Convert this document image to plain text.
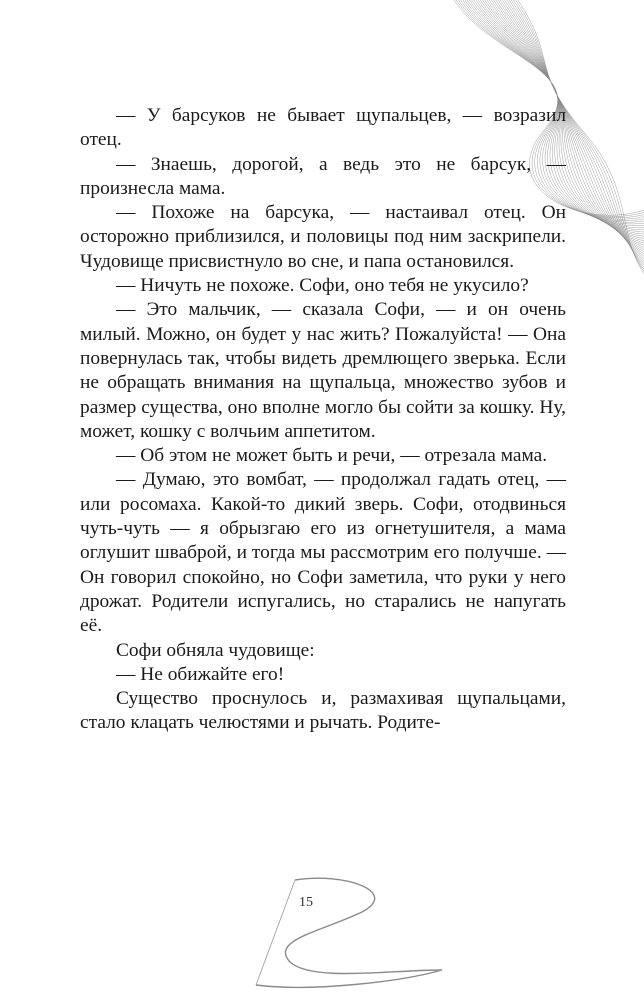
— У барсуков не бывает щупальцев, — возразил отец.

— Знаешь, дорогой, а ведь это не барсук, — произнесла мама.

— Похоже на барсука, — настаивал отец. Он осторожно приблизился, и половицы под ним заскрипели. Чудовище присвистнуло во сне, и папа остановился.

— Ничуть не похоже. Софи, оно тебя не укусило?

— Это мальчик, — сказала Софи, — и он очень милый. Можно, он будет у нас жить? Пожалуйста! — Она повернулась так, чтобы видеть дремлющего зверька. Если не обращать внимания на щупальца, множество зубов и размер существа, оно вполне могло бы сойти за кошку. Ну, может, кошку с волчьим аппетитом.

— Об этом не может быть и речи, — отрезала мама.

— Думаю, это вомбат, — продолжал гадать отец, — или росомаха. Какой-то дикий зверь. Софи, отодвинься чуть-чуть — я обрызгаю его из огнетушителя, а мама оглушит шваброй, и тогда мы рассмотрим его получше. — Он говорил спокойно, но Софи заметила, что руки у него дрожат. Родители испугались, но старались не напугать её.

Софи обняла чудовище:

— Не обижайте его!

Существо проснулось и, размахивая щупальцами, стало клацать челюстями и рычать. Родите-

15
